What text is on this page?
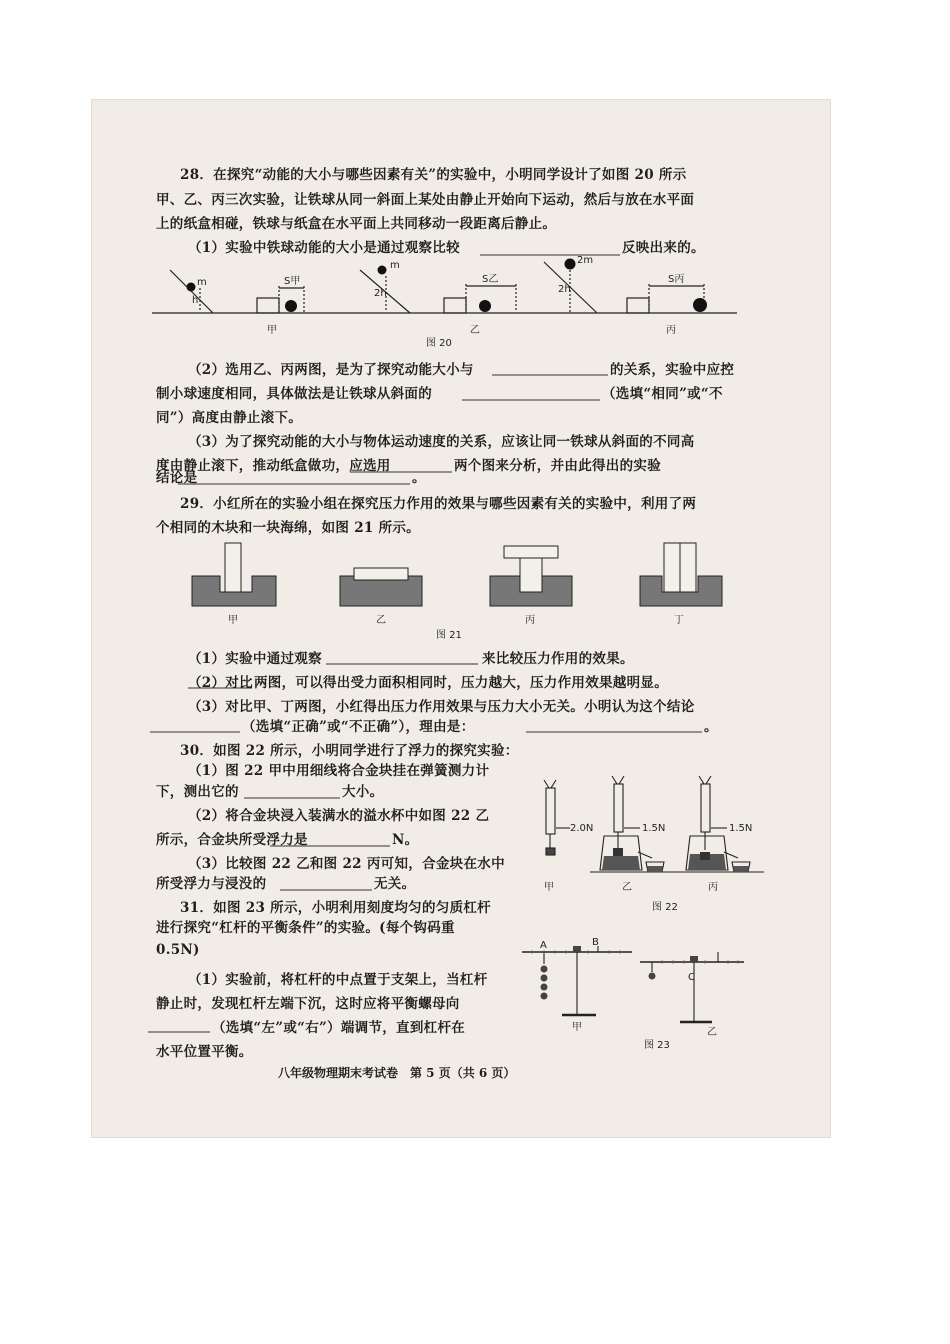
28．在探究“动能的大小与哪些因素有关”的实验中，小明同学设计了如图 20 所示
甲、乙、丙三次实验，让铁球从同一斜面上某处由静止开始向下运动，然后与放在水平面
上的纸盒相碰，铁球与纸盒在水平面上共同移动一段距离后静止。
（1）实验中铁球动能的大小是通过观察比较	反映出来的。
m
m	2m
h
2h	2h
S甲	S乙	S丙
甲	乙	丙
图 20
（2）选用乙、丙两图，是为了探究动能大小与	的关系，实验中应控
制小球速度相同，具体做法是让铁球从斜面的	（选填“相同”或“不
同”）高度由静止滚下。
（3）为了探究动能的大小与物体运动速度的关系，应该让同一铁球从斜面的不同高
度由静止滚下，推动纸盒做功，应选用	两个图来分析，并由此得出的实验
结论是	。
29．小红所在的实验小组在探究压力作用的效果与哪些因素有关的实验中，利用了两
个相同的木块和一块海绵，如图 21 所示。
甲	乙	丙	丁
图 21
（1）实验中通过观察	来比较压力作用的效果。
（2）对比 两图，可以得出受力面积相同时，压力越大，压力作用效果越明显。
（3）对比甲、丁两图，小红得出压力作用效果与压力大小无关。小明认为这个结论
（选填“正确”或“不正确”），理由是：	。
30．如图 22 所示，小明同学进行了浮力的探究实验：
（1）图 22 甲中用细线将合金块挂在弹簧测力计
下，测出它的	大小。
（2）将合金块浸入装满水的溢水杯中如图 22 乙
所示，合金块所受浮力是	N。
（3）比较图 22 乙和图 22 丙可知，合金块在水中
所受浮力与浸没的	无关。
2.0N	1.5N	1.5N
甲	乙	丙
图 22
31．如图 23 所示，小明利用刻度均匀的匀质杠杆
进行探究“杠杆的平衡条件”的实验。(每个钩码重
0.5N)
（1）实验前，将杠杆的中点置于支架上，当杠杆
静止时，发现杠杆左端下沉，这时应将平衡螺母向
（选填“左”或“右”）端调节，直到杠杆在
水平位置平衡。
A	B
C
甲	乙
图 23
八年级物理期末考试卷　第 5 页（共 6 页）
